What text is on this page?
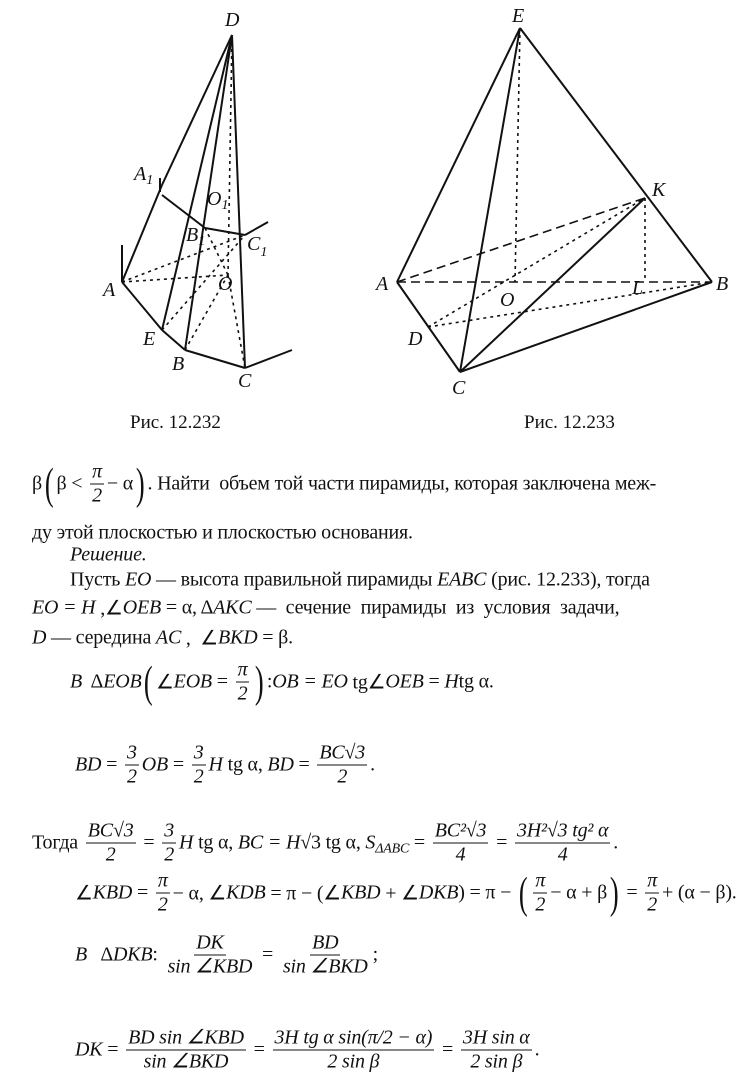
D
$A_1$
$O_1$
$B_1$ $C_1$
A	O
E
B
C
E
K
A
O
L	B
D
C
Рис. 12.232	Рис. 12.233
β ( $\beta < \frac{\pi}{2} - \alpha$ ) . Найти  объем той части пирамиды, которая заключена меж-
ду этой плоскостью и плоскостью основания.
Решение.
Пусть EO — высота правильной пирамиды EABC (рис. 12.233), тогда
EO = H ,∠ OEB = α, Δ AKC —  сечение  пирамиды  из  условия  задачи,
D — середина AC ,  ∠ BKD = β.
B Δ EOB ( ∠ EOB = $\frac{\pi}{2}$ ) : OB = EO tg∠ OEB = H tg α.
BD = $\frac{3}{2}$ OB = $\frac{3}{2}$ H tg α, BD = $\frac{BC√3}{2}$ .
Тогда $\frac{BC√3}{2} = \frac{3}{2}$ H tg α, BC = H √3 tg α, S $\Delta ABC = \frac{\text{BC²√3}}{4} = \frac{\text{3H²√3 tg² α}}{4}$ .
∠ KBD = $\frac{\pi}{2} - \alpha$, ∠ KDB = π − (∠ KBD + ∠ DKB ) = π − ( $\frac{\pi}{2} - \alpha + \beta$ ) = $\frac{\pi}{2} + (\alpha - \beta)$.
B Δ DKB : $\frac{DK}{\text{sin ∠KBD}} = \frac{BD}{\text{sin ∠BKD}}$ ;
DK = $\frac{\text{BD sin ∠KBD}}{\text{sin ∠BKD}} = \frac{\text{3H tg α sin(π/2 − α)}}{\text{2 sin β}} = \frac{\text{3H sin α}}{\text{2 sin β}}$ .
